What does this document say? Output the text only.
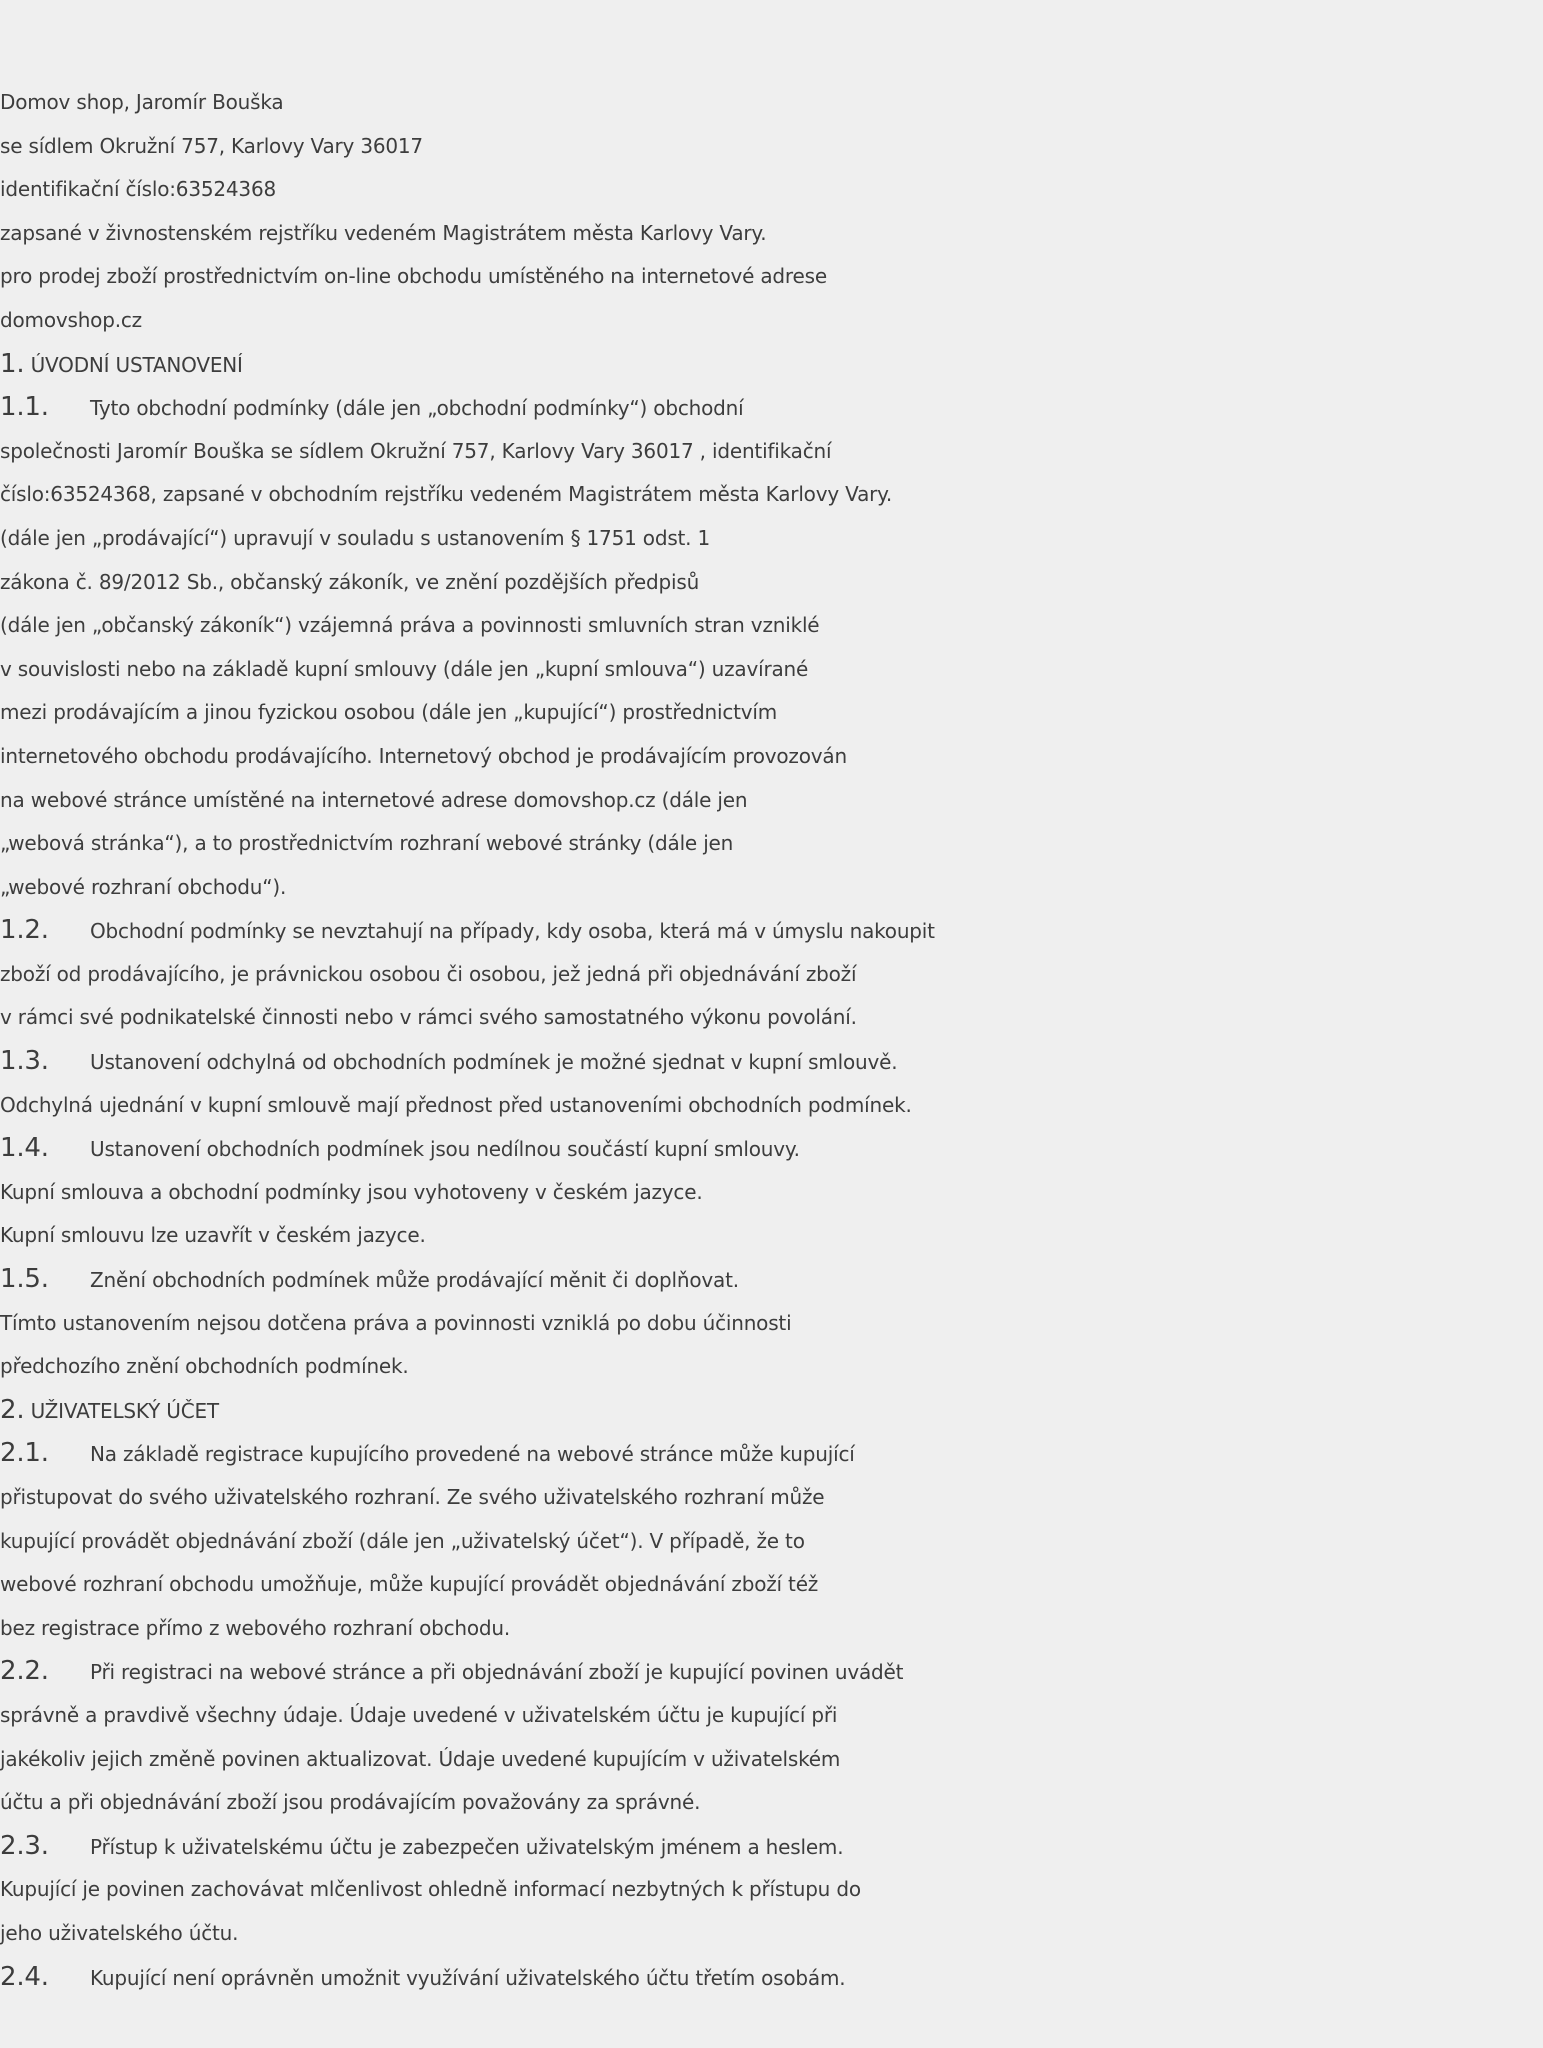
Domov shop, Jaromír Bouška
se sídlem Okružní 757, Karlovy Vary 36017
identifikační číslo:63524368
zapsané v živnostenském rejstříku vedeném Magistrátem města Karlovy Vary.
pro prodej zboží prostřednictvím on-line obchodu umístěného na internetové adrese
domovshop.cz
1. ÚVODNÍ USTANOVENÍ
1.1. Tyto obchodní podmínky (dále jen „obchodní podmínky“) obchodní
společnosti Jaromír Bouška se sídlem Okružní 757, Karlovy Vary 36017 , identifikační
číslo:63524368, zapsané v obchodním rejstříku vedeném Magistrátem města Karlovy Vary.
(dále jen „prodávající“) upravují v souladu s ustanovením § 1751 odst. 1
zákona č. 89/2012 Sb., občanský zákoník, ve znění pozdějších předpisů
(dále jen „občanský zákoník“) vzájemná práva a povinnosti smluvních stran vzniklé
v souvislosti nebo na základě kupní smlouvy (dále jen „kupní smlouva“) uzavírané
mezi prodávajícím a jinou fyzickou osobou (dále jen „kupující“) prostřednictvím
internetového obchodu prodávajícího. Internetový obchod je prodávajícím provozován
na webové stránce umístěné na internetové adrese domovshop.cz (dále jen
„webová stránka“), a to prostřednictvím rozhraní webové stránky (dále jen
„webové rozhraní obchodu“).
1.2. Obchodní podmínky se nevztahují na případy, kdy osoba, která má v úmyslu nakoupit
zboží od prodávajícího, je právnickou osobou či osobou, jež jedná při objednávání zboží
v rámci své podnikatelské činnosti nebo v rámci svého samostatného výkonu povolání.
1.3. Ustanovení odchylná od obchodních podmínek je možné sjednat v kupní smlouvě.
Odchylná ujednání v kupní smlouvě mají přednost před ustanoveními obchodních podmínek.
1.4. Ustanovení obchodních podmínek jsou nedílnou součástí kupní smlouvy.
Kupní smlouva a obchodní podmínky jsou vyhotoveny v českém jazyce.
Kupní smlouvu lze uzavřít v českém jazyce.
1.5. Znění obchodních podmínek může prodávající měnit či doplňovat.
Tímto ustanovením nejsou dotčena práva a povinnosti vzniklá po dobu účinnosti
předchozího znění obchodních podmínek.
2. UŽIVATELSKÝ ÚČET
2.1. Na základě registrace kupujícího provedené na webové stránce může kupující
přistupovat do svého uživatelského rozhraní. Ze svého uživatelského rozhraní může
kupující provádět objednávání zboží (dále jen „uživatelský účet“). V případě, že to
webové rozhraní obchodu umožňuje, může kupující provádět objednávání zboží též
bez registrace přímo z webového rozhraní obchodu.
2.2. Při registraci na webové stránce a při objednávání zboží je kupující povinen uvádět
správně a pravdivě všechny údaje. Údaje uvedené v uživatelském účtu je kupující při
jakékoliv jejich změně povinen aktualizovat. Údaje uvedené kupujícím v uživatelském
účtu a při objednávání zboží jsou prodávajícím považovány za správné.
2.3. Přístup k uživatelskému účtu je zabezpečen uživatelským jménem a heslem.
Kupující je povinen zachovávat mlčenlivost ohledně informací nezbytných k přístupu do
jeho uživatelského účtu.
2.4. Kupující není oprávněn umožnit využívání uživatelského účtu třetím osobám.
